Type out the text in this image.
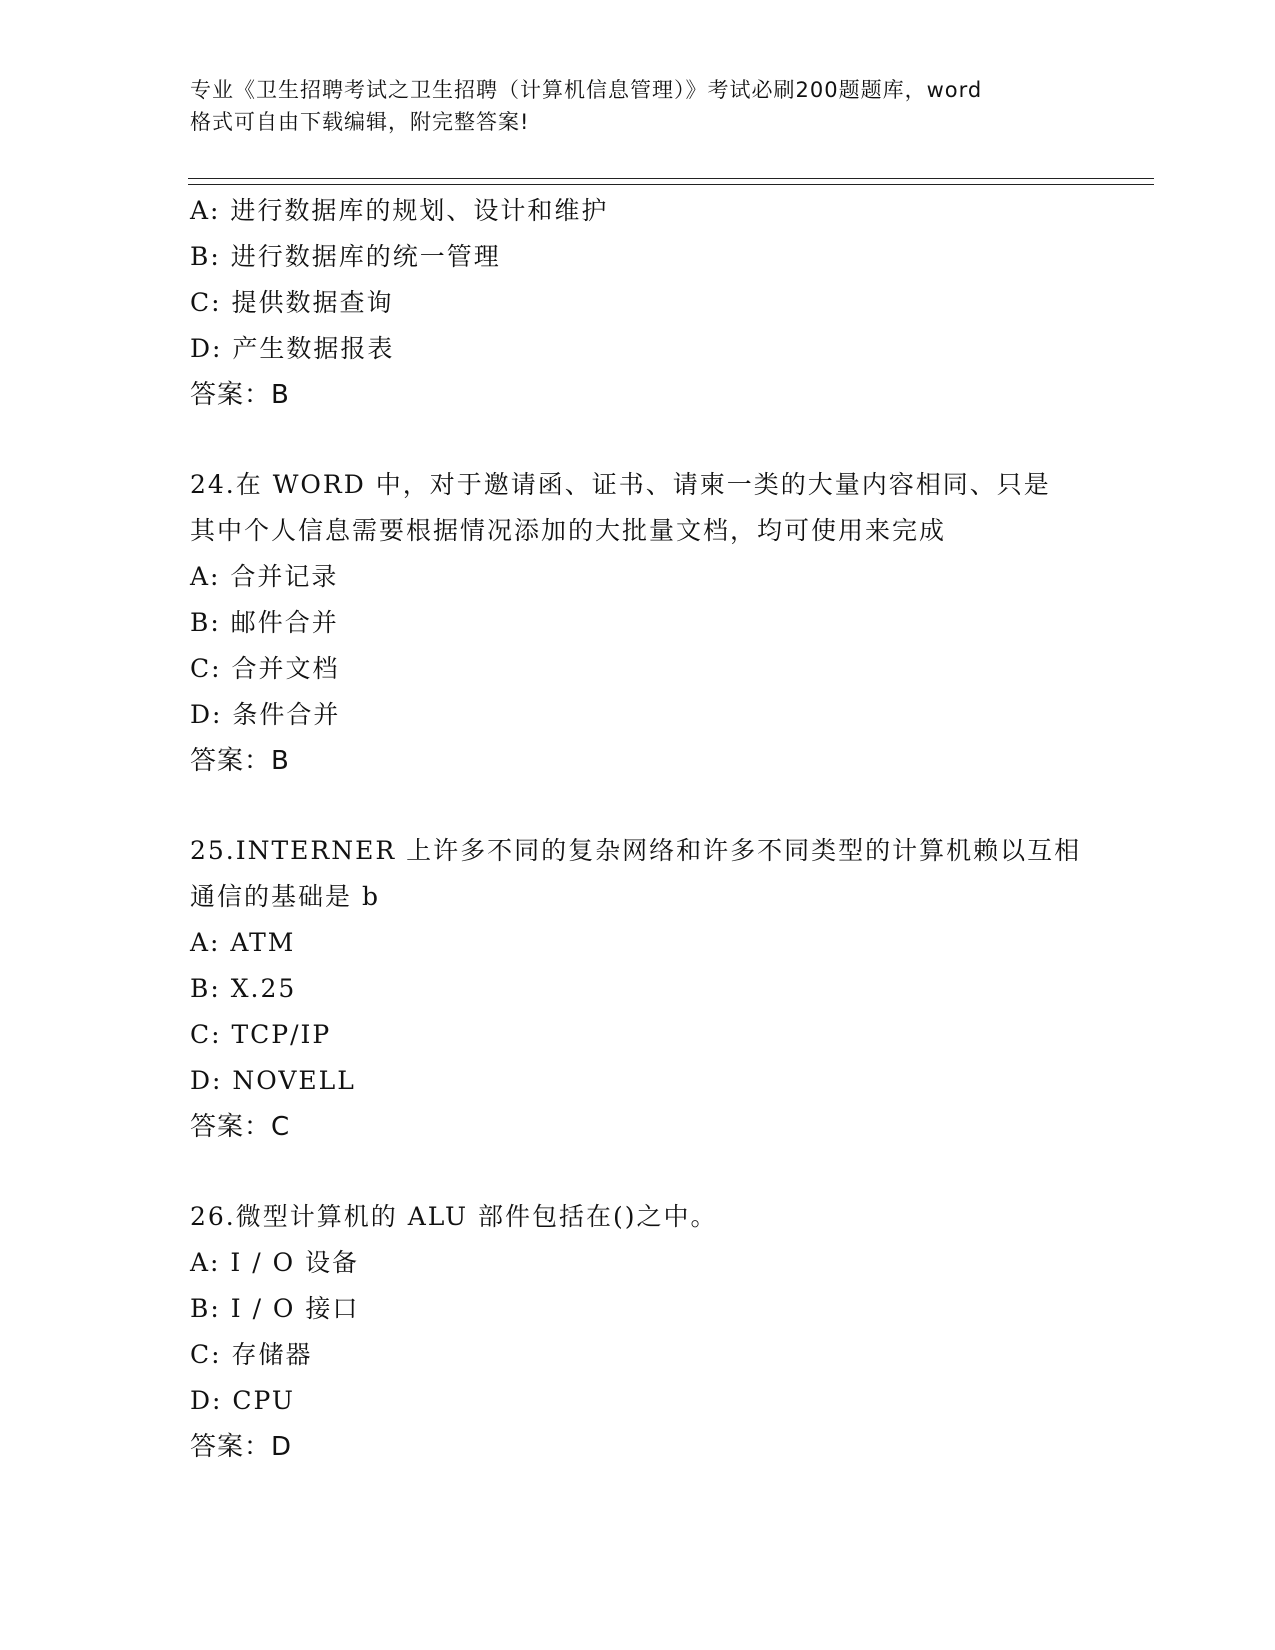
专业《卫生招聘考试之卫生招聘（计算机信息管理）》考试必刷200题题库，word
格式可自由下载编辑，附完整答案!
A: 进行数据库的规划、设计和维护
B: 进行数据库的统一管理
C: 提供数据查询
D: 产生数据报表
答案：B
24.在 WORD 中，对于邀请函、证书、请柬一类的大量内容相同、只是
其中个人信息需要根据情况添加的大批量文档，均可使用来完成
A: 合并记录
B: 邮件合并
C: 合并文档
D: 条件合并
答案：B
25.INTERNER 上许多不同的复杂网络和许多不同类型的计算机赖以互相
通信的基础是 b
A: ATM
B: X.25
C: TCP/IP
D: NOVELL
答案：C
26.微型计算机的 ALU 部件包括在()之中。
A: I / O 设备
B: I / O 接口
C: 存储器
D: CPU
答案：D
